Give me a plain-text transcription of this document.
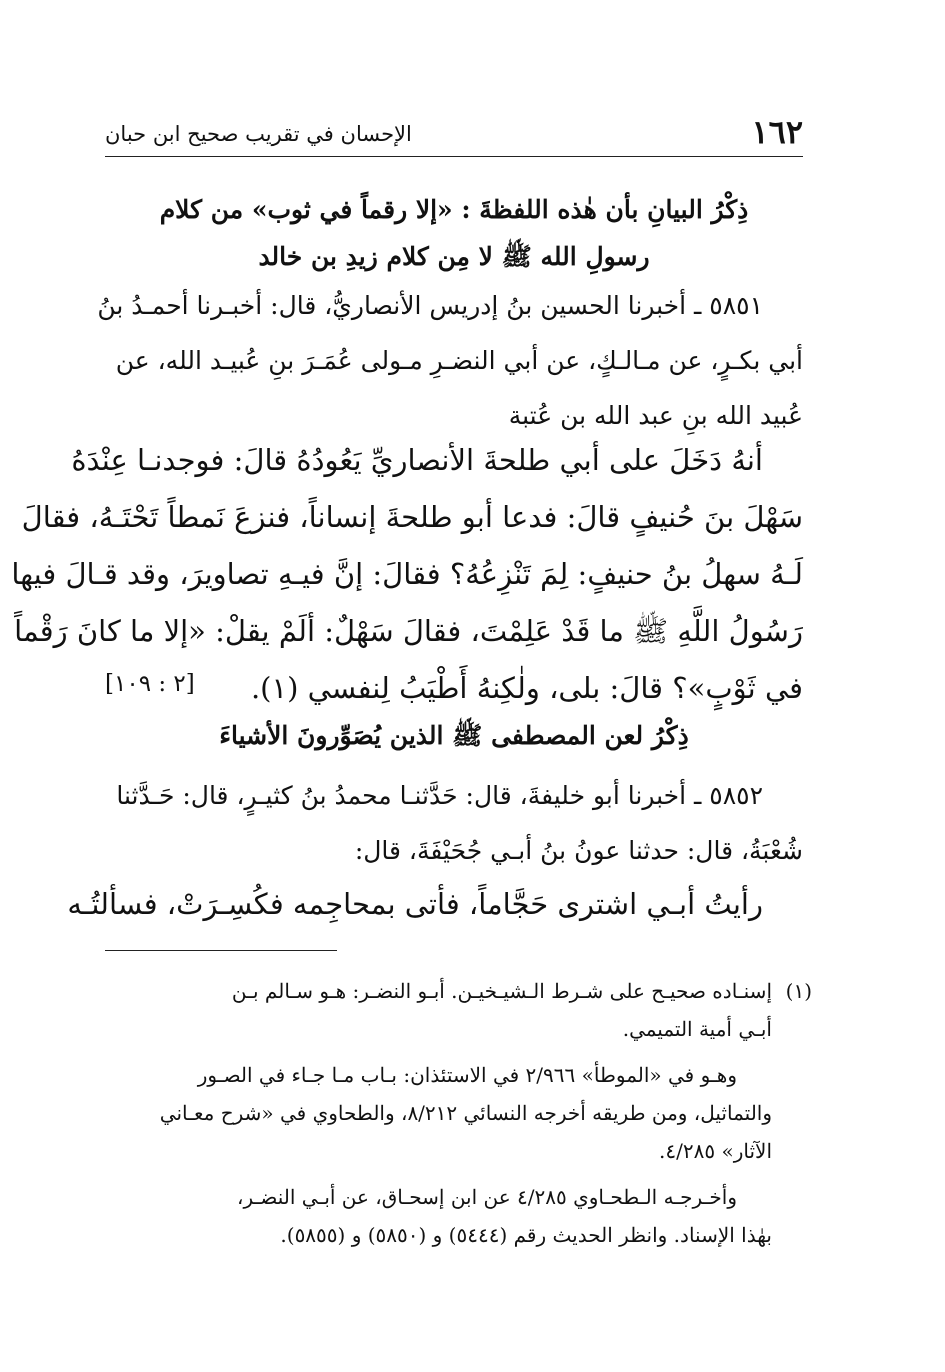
١٦٢
الإحسان في تقريب صحيح ابن حبان
ذِكْرُ البيانِ بأن هٰذه اللفظةَ : «إلا رقماً في ثوب» من كلام
رسولِ الله ﷺ لا مِن كلام زيدِ بن خالد
٥٨٥١ ـ أخبرنا الحسين بنُ إدريس الأنصاريُّ، قال: أخبـرنا أحمـدُ بنُ
أبي بكـرٍ، عن مـالـكٍ، عن أبي النضـرِ مـولى عُمَـرَ بنِ عُبيـد الله، عن
عُبيد الله بنِ عبد الله بن عُتبة
أنهُ دَخَلَ على أبي طلحةَ الأنصاريِّ يَعُودُهُ قالَ: فوجدنـا عِنْدَهُ
سَهْلَ بنَ حُنيفٍ قالَ: فدعا أبو طلحةَ إنساناً، فنزعَ نَمطاً تَحْتَـهُ، فقالَ
لَـهُ سهلُ بنُ حنيفٍ: لِمَ تَنْزِعُهُ؟ فقالَ: إنَّ فيـهِ تصاويرَ، وقد قـالَ فيها
رَسُولُ اللَّهِ ﷺ ما قَدْ عَلِمْتَ، فقالَ سَهْلٌ: ألَمْ يقلْ: «إلا ما كانَ رَقْماً
في ثَوْبٍ»؟ قالَ: بلى، ولٰكِنهُ أَطْيَبُ لِنفسي (١).
[٢ : ١٠٩]
ذِكْرُ لعن المصطفى ﷺ الذين يُصَوِّرونَ الأشياءَ
٥٨٥٢ ـ أخبرنا أبو خليفةَ، قال: حَدَّثنـا محمدُ بنُ كثيـرٍ، قال: حَـدَّثنا
شُعْبَةُ، قال: حدثنا عونُ بنُ أبـي جُحَيْفَةَ، قال:
رأيتُ أبـي اشترى حَجَّاماً، فأتى بمحاجِمه فكُسِـرَتْ، فسألتُـه
(١)إسنـاده صحيـح على شـرط الـشيـخيـن. أبـو النضـر: هـو سـالم بـن
أبـي أمية التميمي.
وهـو في «الموطأ» ٢/٩٦٦ في الاستئذان: بـاب مـا جـاء في الصـور
والتماثيل، ومن طريقه أخرجه النسائي ٨/٢١٢، والطحاوي في «شرح معـاني
الآثار» ٤/٢٨٥.
وأخـرجـه الـطحـاوي ٤/٢٨٥ عن ابن إسحـاق، عن أبـي النضـر،
بهٰذا الإسناد. وانظر الحديث رقم (٥٤٤٤) و (٥٨٥٠) و (٥٨٥٥).
